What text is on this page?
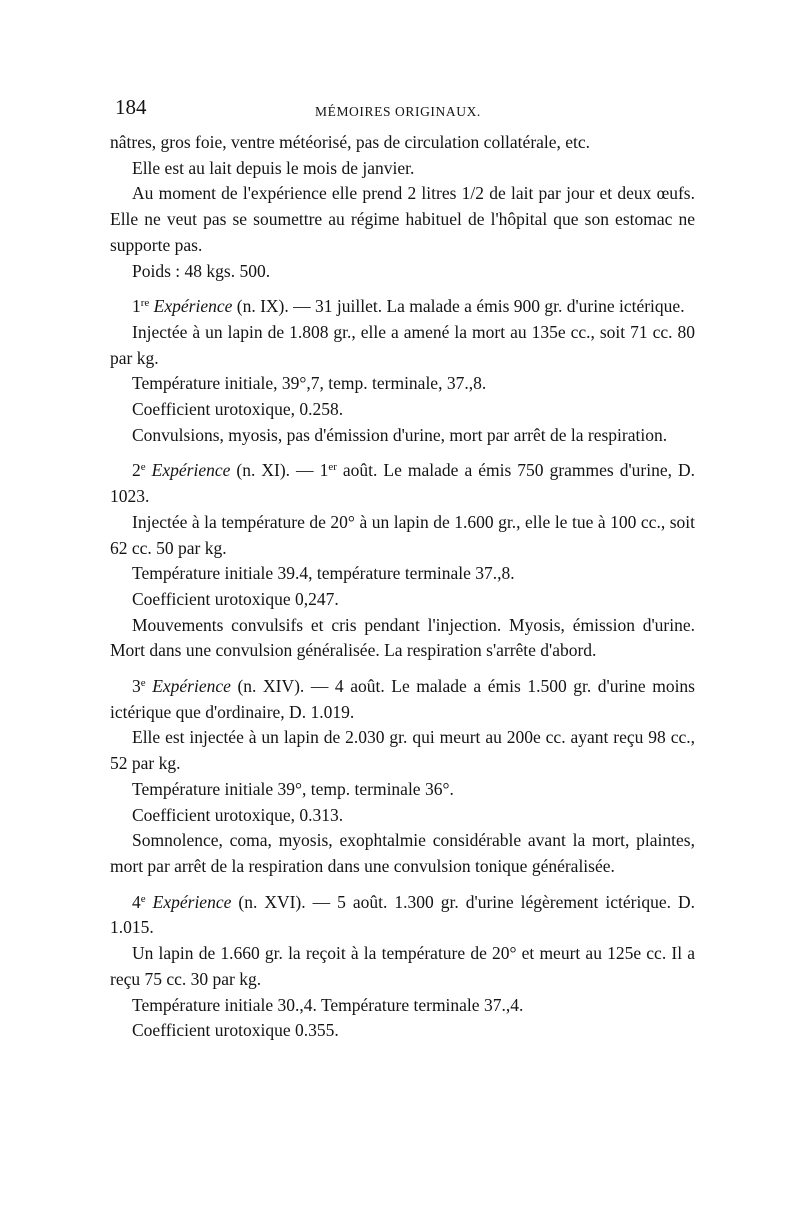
184	MÉMOIRES ORIGINAUX.

nâtres, gros foie, ventre météorisé, pas de circulation collatérale, etc.

Elle est au lait depuis le mois de janvier.

Au moment de l'expérience elle prend 2 litres 1/2 de lait par jour et deux œufs. Elle ne veut pas se soumettre au régime habituel de l'hôpital que son estomac ne supporte pas.

Poids : 48 kgs. 500.

1re Expérience (n. IX). — 31 juillet. La malade a émis 900 gr. d'urine ictérique.

Injectée à un lapin de 1.808 gr., elle a amené la mort au 135e cc., soit 71 cc. 80 par kg.

Température initiale, 39°,7, temp. terminale, 37.,8.

Coefficient urotoxique, 0.258.

Convulsions, myosis, pas d'émission d'urine, mort par arrêt de la respiration.

2e Expérience (n. XI). — 1er août. Le malade a émis 750 grammes d'urine, D. 1023.

Injectée à la température de 20° à un lapin de 1.600 gr., elle le tue à 100 cc., soit 62 cc. 50 par kg.

Température initiale 39.4, température terminale 37.,8.

Coefficient urotoxique 0,247.

Mouvements convulsifs et cris pendant l'injection. Myosis, émission d'urine. Mort dans une convulsion généralisée. La respiration s'arrête d'abord.

3e Expérience (n. XIV). — 4 août. Le malade a émis 1.500 gr. d'urine moins ictérique que d'ordinaire, D. 1.019.

Elle est injectée à un lapin de 2.030 gr. qui meurt au 200e cc. ayant reçu 98 cc., 52 par kg.

Température initiale 39°, temp. terminale 36°.

Coefficient urotoxique, 0.313.

Somnolence, coma, myosis, exophtalmie considérable avant la mort, plaintes, mort par arrêt de la respiration dans une convulsion tonique généralisée.

4e Expérience (n. XVI). — 5 août. 1.300 gr. d'urine légèrement ictérique. D. 1.015.

Un lapin de 1.660 gr. la reçoit à la température de 20° et meurt au 125e cc. Il a reçu 75 cc. 30 par kg.

Température initiale 30.,4. Température terminale 37.,4.

Coefficient urotoxique 0.355.
